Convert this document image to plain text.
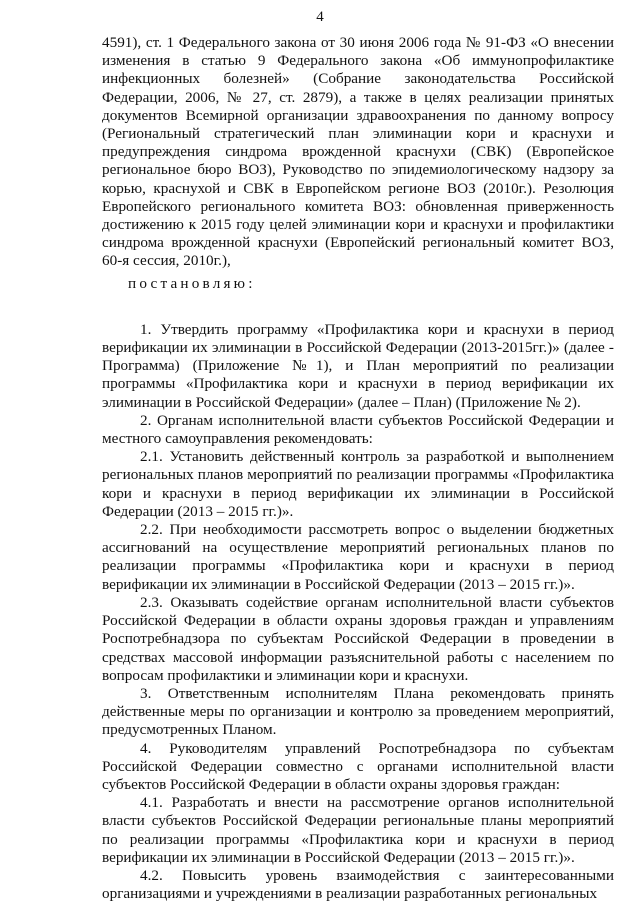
4

4591), ст. 1 Федерального закона от 30 июня 2006 года № 91-ФЗ «О внесении изменения в статью 9 Федерального закона «Об иммунопрофилактике инфекционных болезней» (Собрание законодательства Российской Федерации, 2006, № 27, ст. 2879), а также в целях реализации принятых документов Всемирной организации здравоохранения по данному вопросу (Региональный стратегический план элиминации кори и краснухи и предупреждения синдрома врожденной краснухи (СВК) (Европейское региональное бюро ВОЗ), Руководство по эпидемиологическому надзору за корью, краснухой и СВК в Европейском регионе ВОЗ (2010г.). Резолюция Европейского регионального комитета ВОЗ: обновленная приверженность достижению к 2015 году целей элиминации кори и краснухи и профилактики синдрома врожденной краснухи (Европейский региональный комитет ВОЗ, 60-я сессия, 2010г.),

постановляю:

1. Утвердить программу «Профилактика кори и краснухи в период верификации их элиминации в Российской Федерации (2013-2015гг.)» (далее - Программа) (Приложение №1), и План мероприятий по реализации программы «Профилактика кори и краснухи в период верификации их элиминации в Российской Федерации» (далее – План) (Приложение № 2).

2. Органам исполнительной власти субъектов Российской Федерации и местного самоуправления рекомендовать:

2.1. Установить действенный контроль за разработкой и выполнением региональных планов мероприятий по реализации программы «Профилактика кори и краснухи в период верификации их элиминации в Российской Федерации (2013 – 2015 гг.)».

2.2. При необходимости рассмотреть вопрос о выделении бюджетных ассигнований на осуществление мероприятий региональных планов по реализации программы «Профилактика кори и краснухи в период верификации их элиминации в Российской Федерации (2013 – 2015 гг.)».

2.3. Оказывать содействие органам исполнительной власти субъектов Российской Федерации в области охраны здоровья граждан и управлениям Роспотребнадзора по субъектам Российской Федерации в проведении в средствах массовой информации разъяснительной работы с населением по вопросам профилактики и элиминации кори и краснухи.

3. Ответственным исполнителям Плана рекомендовать принять действенные меры по организации и контролю за проведением мероприятий, предусмотренных Планом.

4. Руководителям управлений Роспотребнадзора по субъектам Российской Федерации совместно с органами исполнительной власти субъектов Российской Федерации в области охраны здоровья граждан:

4.1. Разработать и внести на рассмотрение органов исполнительной власти субъектов Российской Федерации региональные планы мероприятий по реализации программы «Профилактика кори и краснухи в период верификации их элиминации в Российской Федерации (2013 – 2015 гг.)».

4.2. Повысить уровень взаимодействия с заинтересованными организациями и учреждениями в реализации разработанных региональных
